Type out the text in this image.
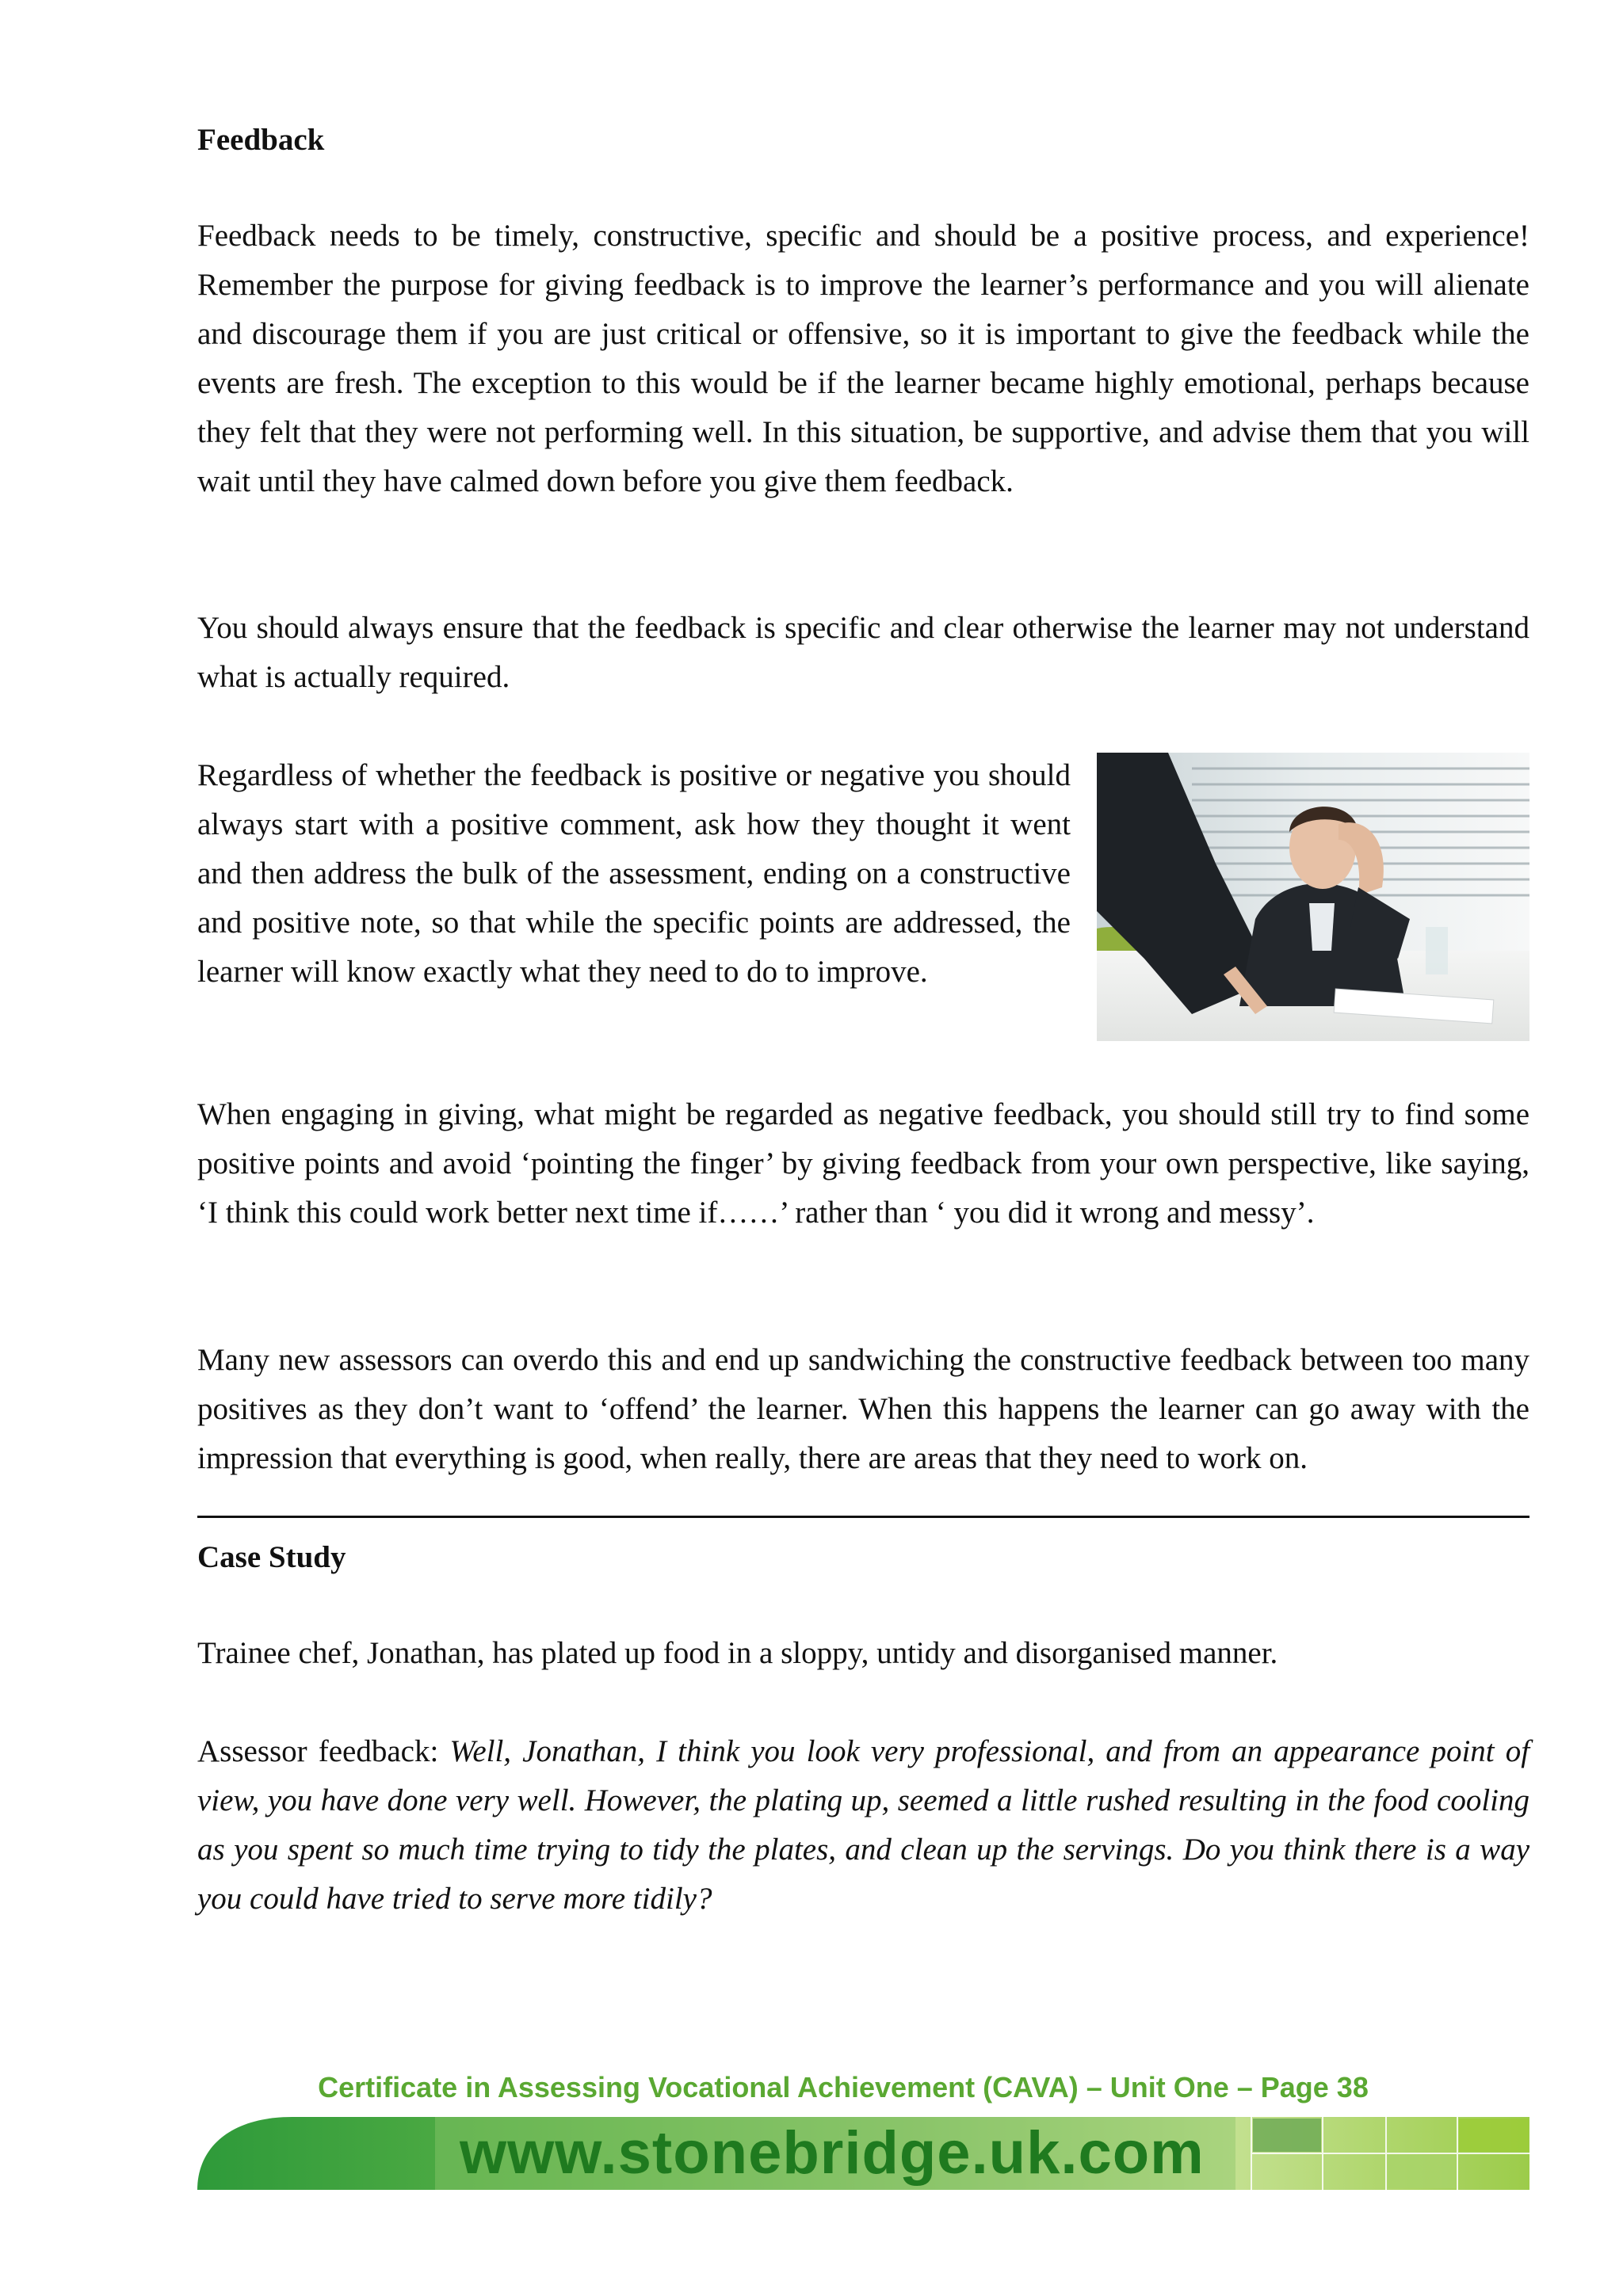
Feedback

Feedback needs to be timely, constructive, specific and should be a positive process, and experience! Remember the purpose for giving feedback is to improve the learner’s performance and you will alienate and discourage them if you are just critical or offensive, so it is important to give the feedback while the events are fresh. The exception to this would be if the learner became highly emotional, perhaps because they felt that they were not performing well. In this situation, be supportive, and advise them that you will wait until they have calmed down before you give them feedback.

You should always ensure that the feedback is specific and clear otherwise the learner may not understand what is actually required.

Regardless of whether the feedback is positive or negative you should always start with a positive comment, ask how they thought it went and then address the bulk of the assessment, ending on a constructive and positive note, so that while the specific points are addressed, the learner will know exactly what they need to do to improve.

When engaging in giving, what might be regarded as negative feedback, you should still try to find some positive points and avoid ‘pointing the finger’ by giving feedback from your own perspective, like saying, ‘I think this could work better next time if……’ rather than ‘ you did it wrong and messy’.

Many new assessors can overdo this and end up sandwiching the constructive feedback between too many positives as they don’t want to ‘offend’ the learner. When this happens the learner can go away with the impression that everything is good, when really, there are areas that they need to work on.

Case Study

Trainee chef, Jonathan, has plated up food in a sloppy, untidy and disorganised manner.

Assessor feedback: Well, Jonathan, I think you look very professional, and from an appearance point of view, you have done very well. However, the plating up, seemed a little rushed resulting in the food cooling as you spent so much time trying to tidy the plates, and clean up the servings. Do you think there is a way you could have tried to serve more tidily?

Certificate in Assessing Vocational Achievement (CAVA) – Unit One – Page 38

www.stonebridge.uk.com
